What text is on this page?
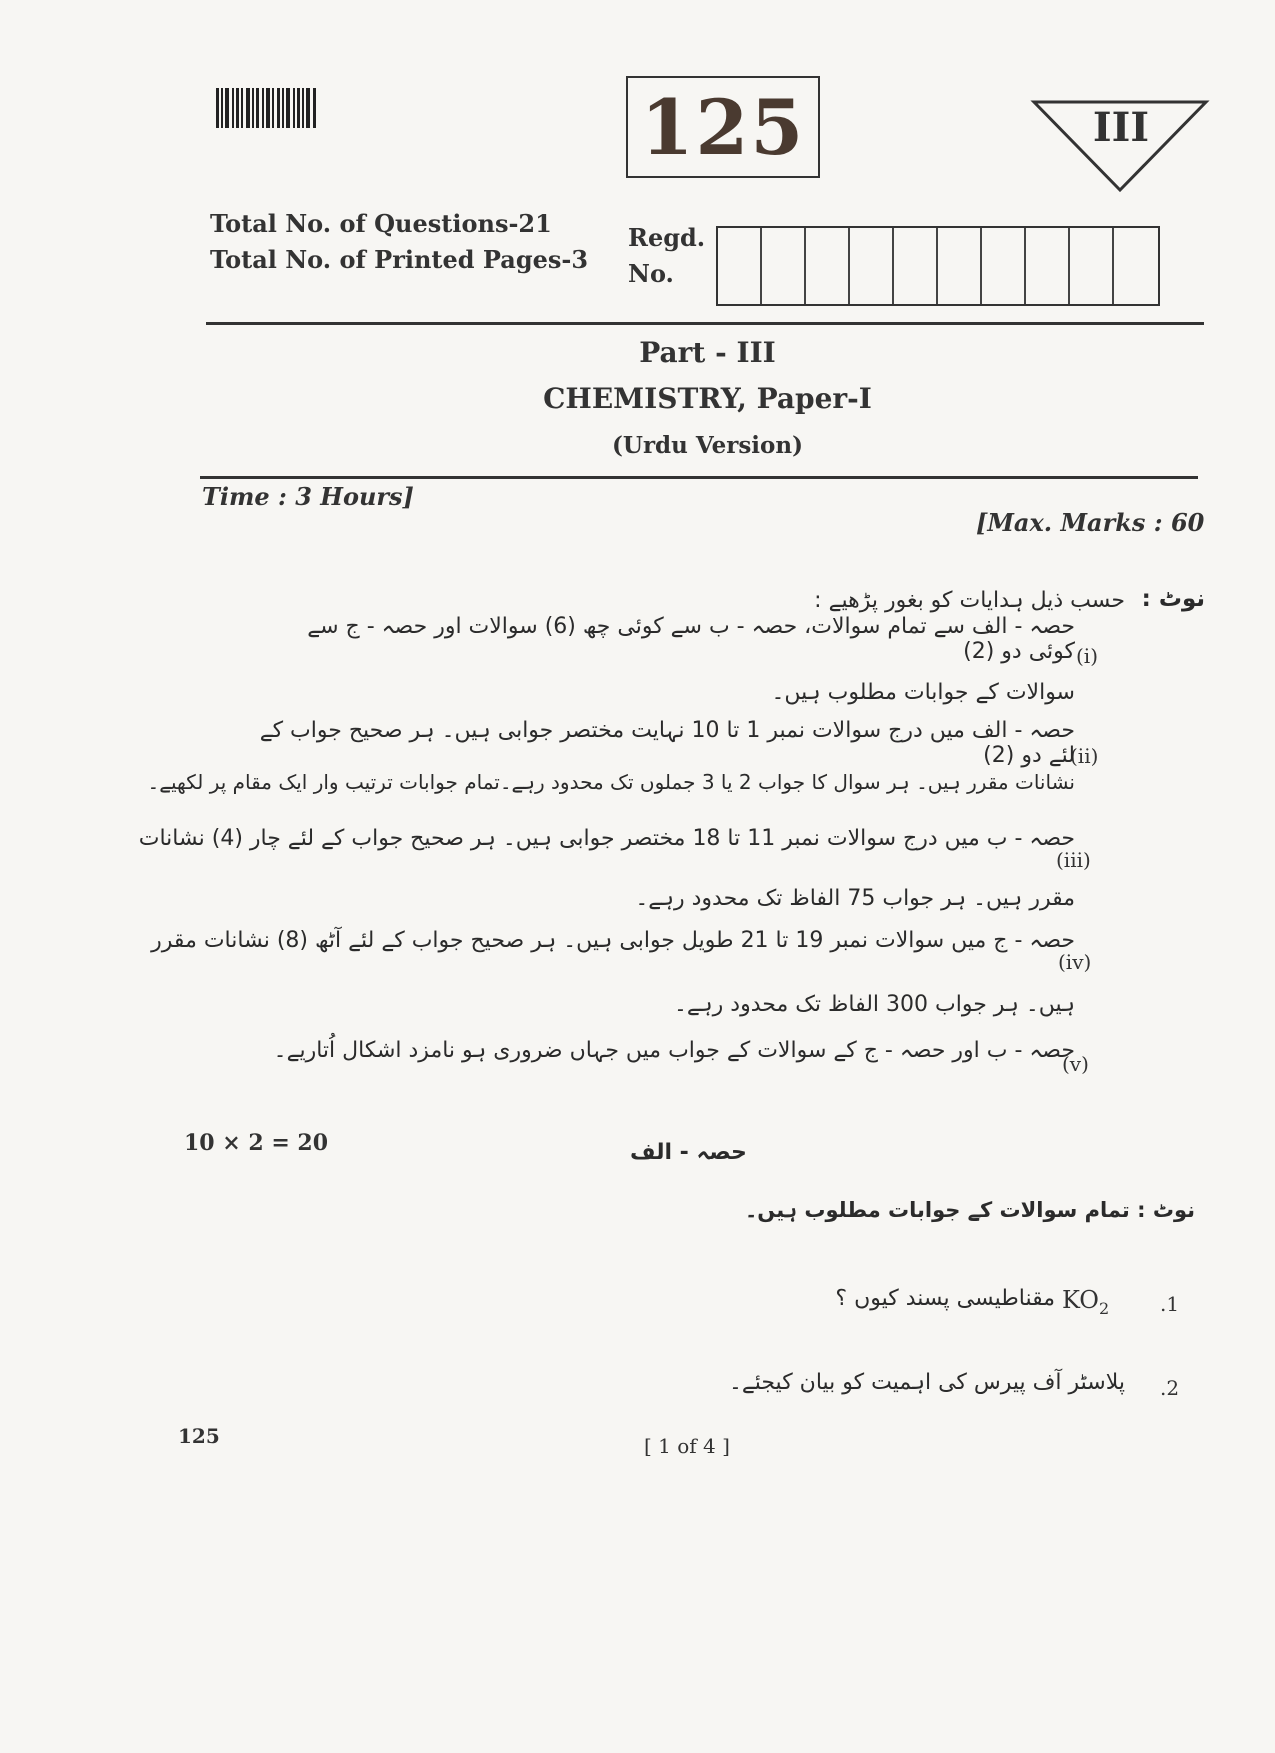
125	III
Total No. of Questions-21
Total No. of Printed Pages-3
Regd.
No.
Part - III
CHEMISTRY, Paper-I
(Urdu Version)
Time : 3 Hours]
[Max. Marks : 60
نوٹ :
حسب ذیل ہدایات کو بغور پڑھیے :
(i)
حصہ - الف سے تمام سوالات، حصہ - ب سے کوئی چھ (6) سوالات اور حصہ - ج سے کوئی دو (2)
سوالات کے جوابات مطلوب ہیں۔
(ii)
حصہ - الف میں درج سوالات نمبر 1 تا 10 نہایت مختصر جوابی ہیں۔ ہر صحیح جواب کے لئے دو (2)
نشانات مقرر ہیں۔ ہر سوال کا جواب 2 یا 3 جملوں تک محدود رہے۔تمام جوابات ترتیب وار ایک مقام پر لکھیے۔
(iii)
حصہ - ب میں درج سوالات نمبر 11 تا 18 مختصر جوابی ہیں۔ ہر صحیح جواب کے لئے چار (4) نشانات
مقرر ہیں۔ ہر جواب 75 الفاظ تک محدود رہے۔
(iv)
حصہ - ج میں سوالات نمبر 19 تا 21 طویل جوابی ہیں۔ ہر صحیح جواب کے لئے آٹھ (8) نشانات مقرر
ہیں۔ ہر جواب 300 الفاظ تک محدود رہے۔
(v)
حصہ - ب اور حصہ - ج کے سوالات کے جواب میں جہاں ضروری ہو نامزد اشکال اُتاریے۔
10 × 2 = 20	حصہ - الف
نوٹ : تمام سوالات کے جوابات مطلوب ہیں۔
.1
$KO_2$
مقناطیسی پسند کیوں ؟
.2
پلاسٹر آف پیرس کی اہمیت کو بیان کیجئے۔
125	[ 1 of 4 ]
